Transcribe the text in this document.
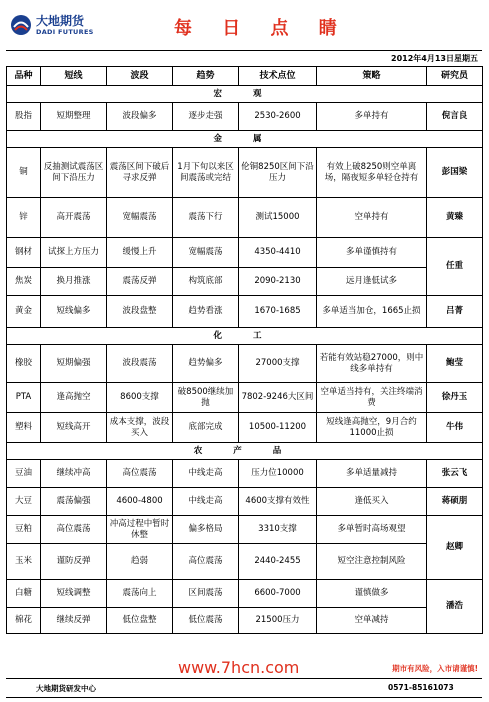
大地期货
DADI FUTURES	每 日 点 睛
2012年4月13日星期五
品种	短线	波段	趋势	技术点位	策略	研究员
宏 观						
股指	短期整理	波段偏多	逐步走强	2530-2600	多单持有	倪言良
金 属						
铜	反抽测试震荡区间下沿压力	震荡区间下破后寻求反弹	1月下旬以来区间震荡或完结	伦铜8250区间下沿压力	有效上破8250则空单离场，隔夜短多单轻仓持有	彭国梁
锌	高开震荡	宽幅震荡	震荡下行	测试15000	空单持有	黄臻
钢材	试探上方压力	缓慢上升	宽幅震荡	4350-4410	多单谨慎持有	任重
焦炭	换月推涨	震荡反弹	构筑底部	2090-2130	远月逢低试多	
黄金	短线偏多	波段盘整	趋势看涨	1670-1685	多单适当加仓，1665止损	吕菁
化 工						
橡胶	短期偏强	波段震荡	趋势偏多	27000支撑	若能有效站稳27000，则中线多单持有	鲍莹
PTA	逢高抛空	8600支撑	破8500继续加抛	7802-9246大区间	空单适当持有，关注终端消费	徐丹玉
塑料	短线高开	成本支撑，波段买入	底部完成	10500-11200	短线逢高抛空，9月合约11000止损	牛伟
农 产 品						
豆油	继续冲高	高位震荡	中线走高	压力位10000	多单适量减持	张云飞
大豆	震荡偏强	4600-4800	中线走高	4600支撑有效性	逢低买入	蒋硕朋
豆粕	高位震荡	冲高过程中暂时休整	偏多格局	3310支撑	多单暂时高场观望	赵卿
玉米	谨防反弹	趋弱	高位震荡	2440-2455	短空注意控制风险	
白糖	短线调整	震荡向上	区间震荡	6600-7000	谨慎做多	潘浩
棉花	继续反弹	低位盘整	低位震荡	21500压力	空单减持	
www.7hcn.com	期市有风险，入市请谨慎!
大地期货研发中心	0571-85161073
